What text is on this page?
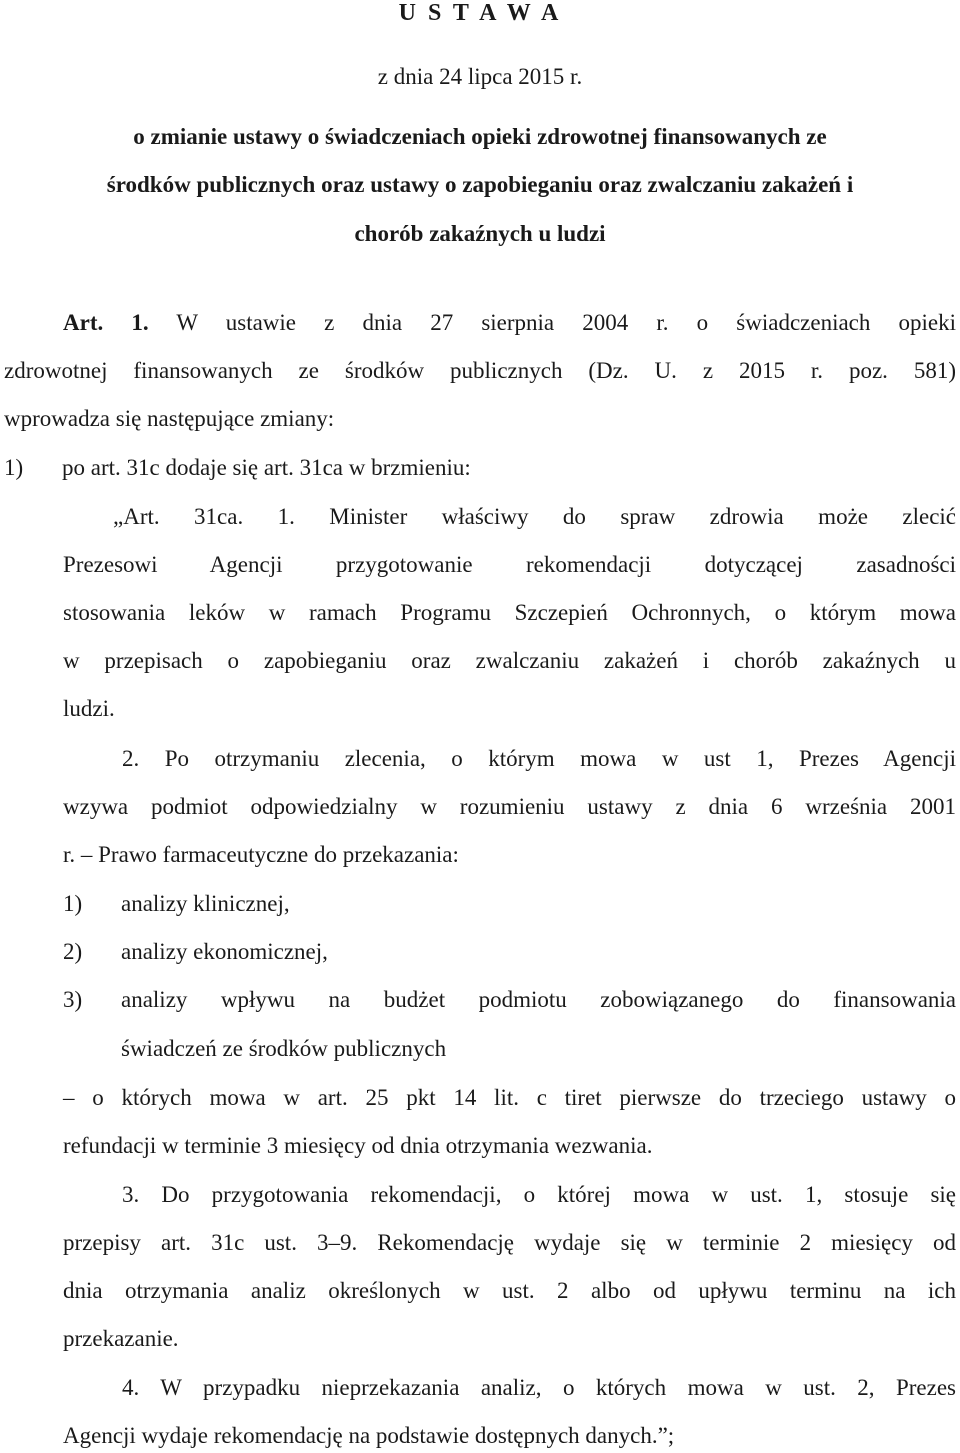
U S T A W A
z dnia 24 lipca 2015 r.
o zmianie ustawy o świadczeniach opieki zdrowotnej finansowanych ze
środków publicznych oraz ustawy o zapobieganiu oraz zwalczaniu zakażeń i
chorób zakaźnych u ludzi
Art. 1. W ustawie z dnia 27 sierpnia 2004 r. o świadczeniach opieki
zdrowotnej finansowanych ze środków publicznych (Dz. U. z 2015 r. poz. 581)
wprowadza się następujące zmiany:
1) po art. 31c dodaje się art. 31ca w brzmieniu:
„Art. 31ca. 1. Minister właściwy do spraw zdrowia może zlecić
Prezesowi Agencji przygotowanie rekomendacji dotyczącej zasadności
stosowania leków w ramach Programu Szczepień Ochronnych, o którym mowa
w przepisach o zapobieganiu oraz zwalczaniu zakażeń i chorób zakaźnych u
ludzi.
2. Po otrzymaniu zlecenia, o którym mowa w ust 1, Prezes Agencji
wzywa podmiot odpowiedzialny w rozumieniu ustawy z dnia 6 września 2001
r. – Prawo farmaceutyczne do przekazania:
1) analizy klinicznej,
2) analizy ekonomicznej,
3) analizy wpływu na budżet podmiotu zobowiązanego do finansowania
świadczeń ze środków publicznych
– o których mowa w art. 25 pkt 14 lit. c tiret pierwsze do trzeciego ustawy o
refundacji w terminie 3 miesięcy od dnia otrzymania wezwania.
3. Do przygotowania rekomendacji, o której mowa w ust. 1, stosuje się
przepisy art. 31c ust. 3–9. Rekomendację wydaje się w terminie 2 miesięcy od
dnia otrzymania analiz określonych w ust. 2 albo od upływu terminu na ich
przekazanie.
4. W przypadku nieprzekazania analiz, o których mowa w ust. 2, Prezes
Agencji wydaje rekomendację na podstawie dostępnych danych.”;
